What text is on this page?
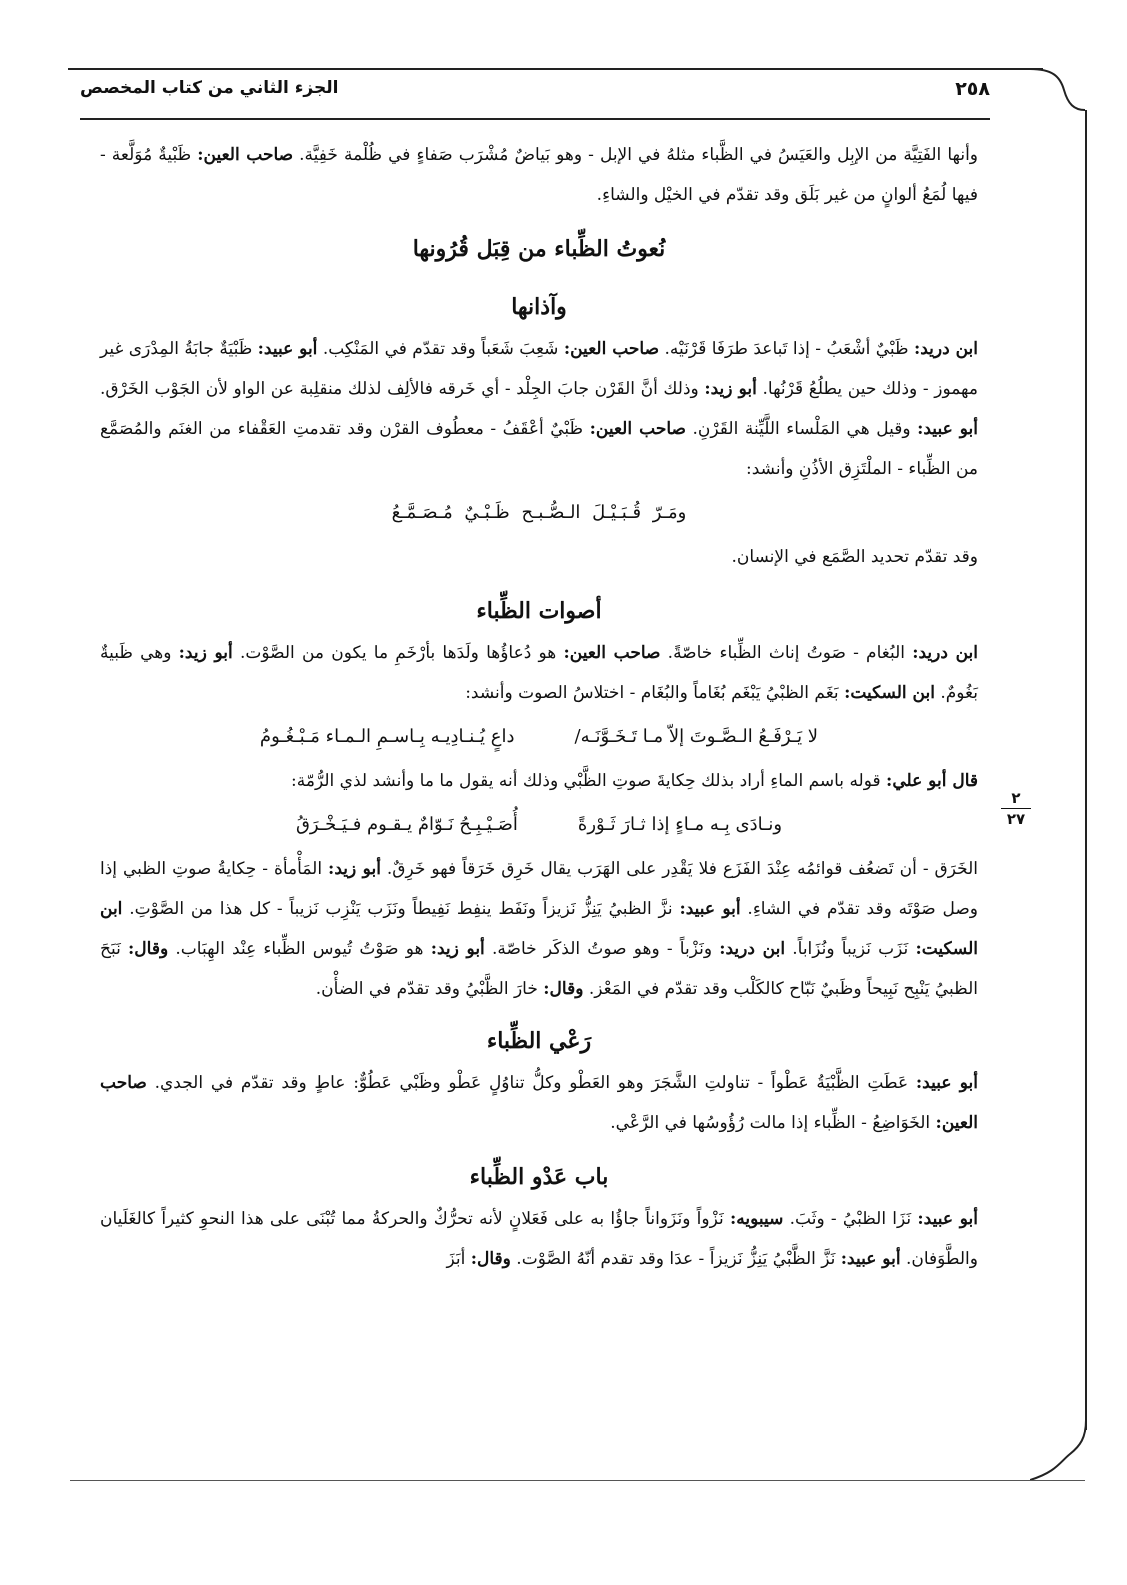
٢٥٨
الجزء الثاني من كتاب المخصص
٢
٢٧

وأنها الفَتِيَّة من الإبِل والعَيَسُ في الظَّباء مثلهُ في الإبل - وهو بَياضٌ مُشْرَب صَفاءٍ في ظُلْمة خَفِيَّة. صاحب العين: ظَبْيةٌ مُوَلَّعة - فيها لُمَعُ ألوانٍ من غير بَلَق وقد تقدّم في الخيْل والشاءِ.

نُعوتُ الظِّباء من قِبَل قُرُونها

وآذانها

ابن دريد: ظَبْيٌ أشْعَبُ - إذا تَباعدَ طرَفَا قَرْنَيْه. صاحب العين: شَعِبَ شَعَباً وقد تقدّم في المَنْكِب. أبو عبيد: ظَبْيَةٌ جابَةُ المِدْرَى غير مهموز - وذلك حين يطلُعُ قَرْنُها. أبو زيد: وذلك أنَّ القَرْن جابَ الجِلْد - أي خَرقه فالألِف لذلك منقلِبة عن الواو لأن الجَوْب الخَرْق. أبو عبيد: وقيل هي المَلْساء اللَّيِّنة القَرْنِ. صاحب العين: ظَبْيٌ أعْقَفُ - معطُوف القرْن وقد تقدمتِ العَقْفاء من الغنَم والمُصَمَّع من الظِّباء - الملْتَزِق الأذُنِ وأنشد:

ومَـرّ قُـبَـيْـلَ الـصُّـبـح ظَـبْـيٌ مُـصَـمَّـعُ

وقد تقدّم تحديد الصَّمَع في الإنسان.

أصوات الظِّباء

ابن دريد: البُغام - صَوتُ إناث الظِّباء خاصّةً. صاحب العين: هو دُعاؤُها ولَدَها بأرْخَمِ ما يكون من الصَّوْت. أبو زيد: وهي ظَبيةٌ بَغُومٌ. ابن السكيت: بَغَم الظبْيُ يَبْغَم بُغَاماً والبُغَام - اختلاسُ الصوت وأنشد:

لا يَـرْفَـعُ الـصَّـوتَ إلاّ مـا تَـخَـوَّنَـه/
داعٍ يُـنـادِيـه بِـاسـمِ الـمـاء مَـبْـغُـومُ

قال أبو علي: قوله باسم الماءِ أراد بذلك حِكايةَ صوتِ الظَّبْي وذلك أنه يقول ما ما وأنشد لذي الرُّمّة:

ونـادَى بِـه مـاءٍ إذا ثـارَ ثَـوْرةً
أُصَـيْـبِـحُ نَـوّامٌ يـقـوم فـيَـخْـرَقُ

الخَرَق - أن تَضعُف قوائمُه عِنْدَ الفَزَع فلا يَقْدِر على الهَرَب يقال خَرِق خَرَقاً فهو خَرِقٌ. أبو زيد: المَأْمأة - حِكايةُ صوتِ الظبي إذا وصل صَوْتَه وقد تقدّم في الشاءِ. أبو عبيد: نزَّ الظبيُ يَنِزُّ نَزيزاً ونَفَط ينفِط نَفِيطاً ونَزَب يَنْزِب نَزيباً - كل هذا من الصَّوْتِ. ابن السكيت: نَزَب نَزيباً ونُزَاباً. ابن دريد: ونَزْباً - وهو صوتُ الذكَر خاصّة. أبو زيد: هو صَوْتُ تُيوس الظِّباء عِنْد الهِبَاب. وقال: نَبَحَ الظبيُ يَنْبِح نَبِيحاً وظَبيٌ نَبّاح كالكَلْب وقد تقدّم في المَعْز. وقال: خارَ الظَّبْيُ وقد تقدّم في الضأْن.

رَعْي الظِّباء

أبو عبيد: عَطَتِ الظَّبْيَةُ عَطْواً - تناولتِ الشَّجَرَ وهو العَطْو وكلُّ تناوُلٍ عَطْو وظَبْي عَطُوٌّ: عاطٍ وقد تقدّم في الجدي. صاحب العين: الخَوَاضِعُ - الظِّباء إذا مالت رُؤُوسُها في الرَّعْي.

باب عَدْو الظِّباء

أبو عبيد: نَزَا الظبْيُ - وثَبَ. سيبويه: نَزْواً ونَزَواناً جاؤُا به على فَعَلانٍ لأنه تحرُّكٌ والحركةُ مما تُبْنَى على هذا النحوِ كثيراً كالغَلَيان والطَّوَفان. أبو عبيد: نَزَّ الظَّبْيُ يَنِزُّ نَزيزاً - عدَا وقد تقدم أنّهُ الصَّوْت. وقال: أبَزَ
